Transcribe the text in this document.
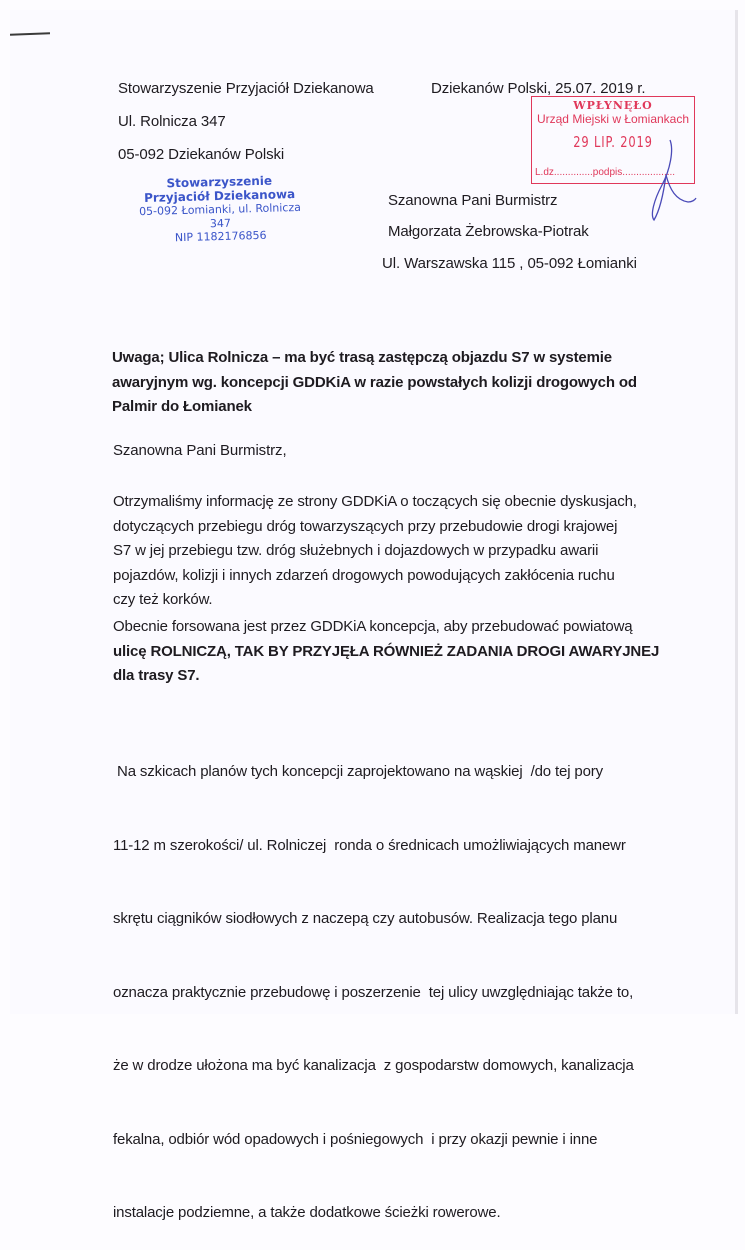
Stowarzyszenie Przyjaciół Dziekanowa
Ul. Rolnicza 347
05-092 Dziekanów Polski
Dziekanów Polski, 25.07. 2019 r.
Stowarzyszenie
Przyjaciół Dziekanowa
05-092 Łomianki, ul. Rolnicza 347
NIP 1182176856
WPŁYNĘŁO
Urząd Miejski w Łomiankach
29 LIP. 2019
L.dz..............podpis...................
Szanowna Pani Burmistrz
Małgorzata Żebrowska-Piotrak
Ul. Warszawska 115 , 05-092 Łomianki
Uwaga; Ulica Rolnicza – ma być trasą zastępczą objazdu S7 w systemie
awaryjnym wg. koncepcji GDDKiA w razie powstałych kolizji drogowych od
Palmir do Łomianek
Szanowna Pani Burmistrz,
Otrzymaliśmy informację ze strony GDDKiA o toczących się obecnie dyskusjach,
dotyczących przebiegu dróg towarzyszących przy przebudowie drogi krajowej
S7 w jej przebiegu tzw. dróg służebnych i dojazdowych w przypadku awarii
pojazdów, kolizji i innych zdarzeń drogowych powodujących zakłócenia ruchu
czy też korków.
Obecnie forsowana jest przez GDDKiA koncepcja, aby przebudować powiatową
ulicę ROLNICZĄ, TAK BY PRZYJĘŁA RÓWNIEŻ ZADANIA DROGI AWARYJNEJ
dla trasy S7.

Na szkicach planów tych koncepcji zaprojektowano na wąskiej  /do tej pory

11-12 m szerokości/ ul. Rolniczej  ronda o średnicach umożliwiających manewr

skrętu ciągników siodłowych z naczepą czy autobusów. Realizacja tego planu

oznacza praktycznie przebudowę i poszerzenie  tej ulicy uwzględniając także to,

że w drodze ułożona ma być kanalizacja  z gospodarstw domowych, kanalizacja

fekalna, odbiór wód opadowych i pośniegowych  i przy okazji pewnie i inne

instalacje podziemne, a także dodatkowe ścieżki rowerowe.
